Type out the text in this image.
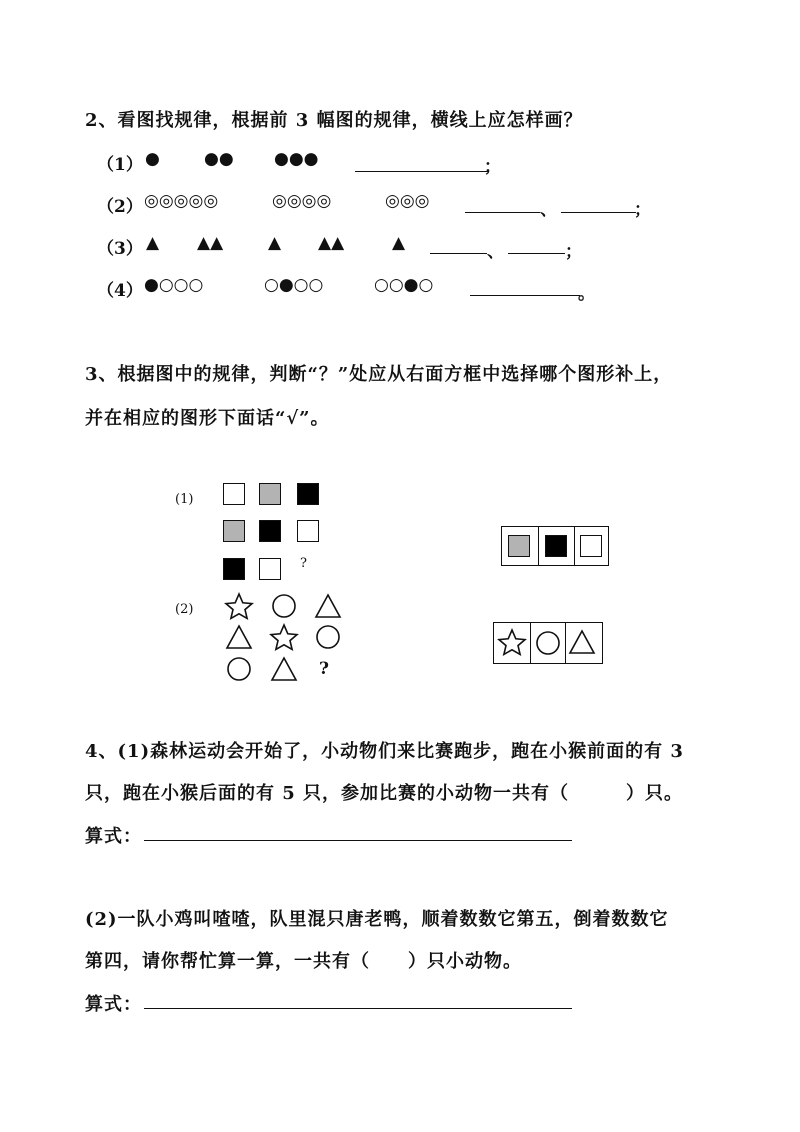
2、看图找规律，根据前 3 幅图的规律，横线上应怎样画？
（1） ●	●● ●●●	；
（2） ◎◎◎◎◎	◎◎◎◎	◎◎◎	、	；
（3） ▲ ▲▲	▲ ▲▲	▲	、	；
（4） ●○○○	○●○○	○○●○	。
3、根据图中的规律，判断“？”处应从右面方框中选择哪个图形补上，
并在相应的图形下面话“√”。
(1)
?
(2)
?
4、(1)森林运动会开始了，小动物们来比赛跑步，跑在小猴前面的有 3
只，跑在小猴后面的有 5 只，参加比赛的小动物一共有（　　　）只。
算式：
(2)一队小鸡叫喳喳，队里混只唐老鸭，顺着数数它第五，倒着数数它
第四，请你帮忙算一算，一共有（　　）只小动物。
算式：
